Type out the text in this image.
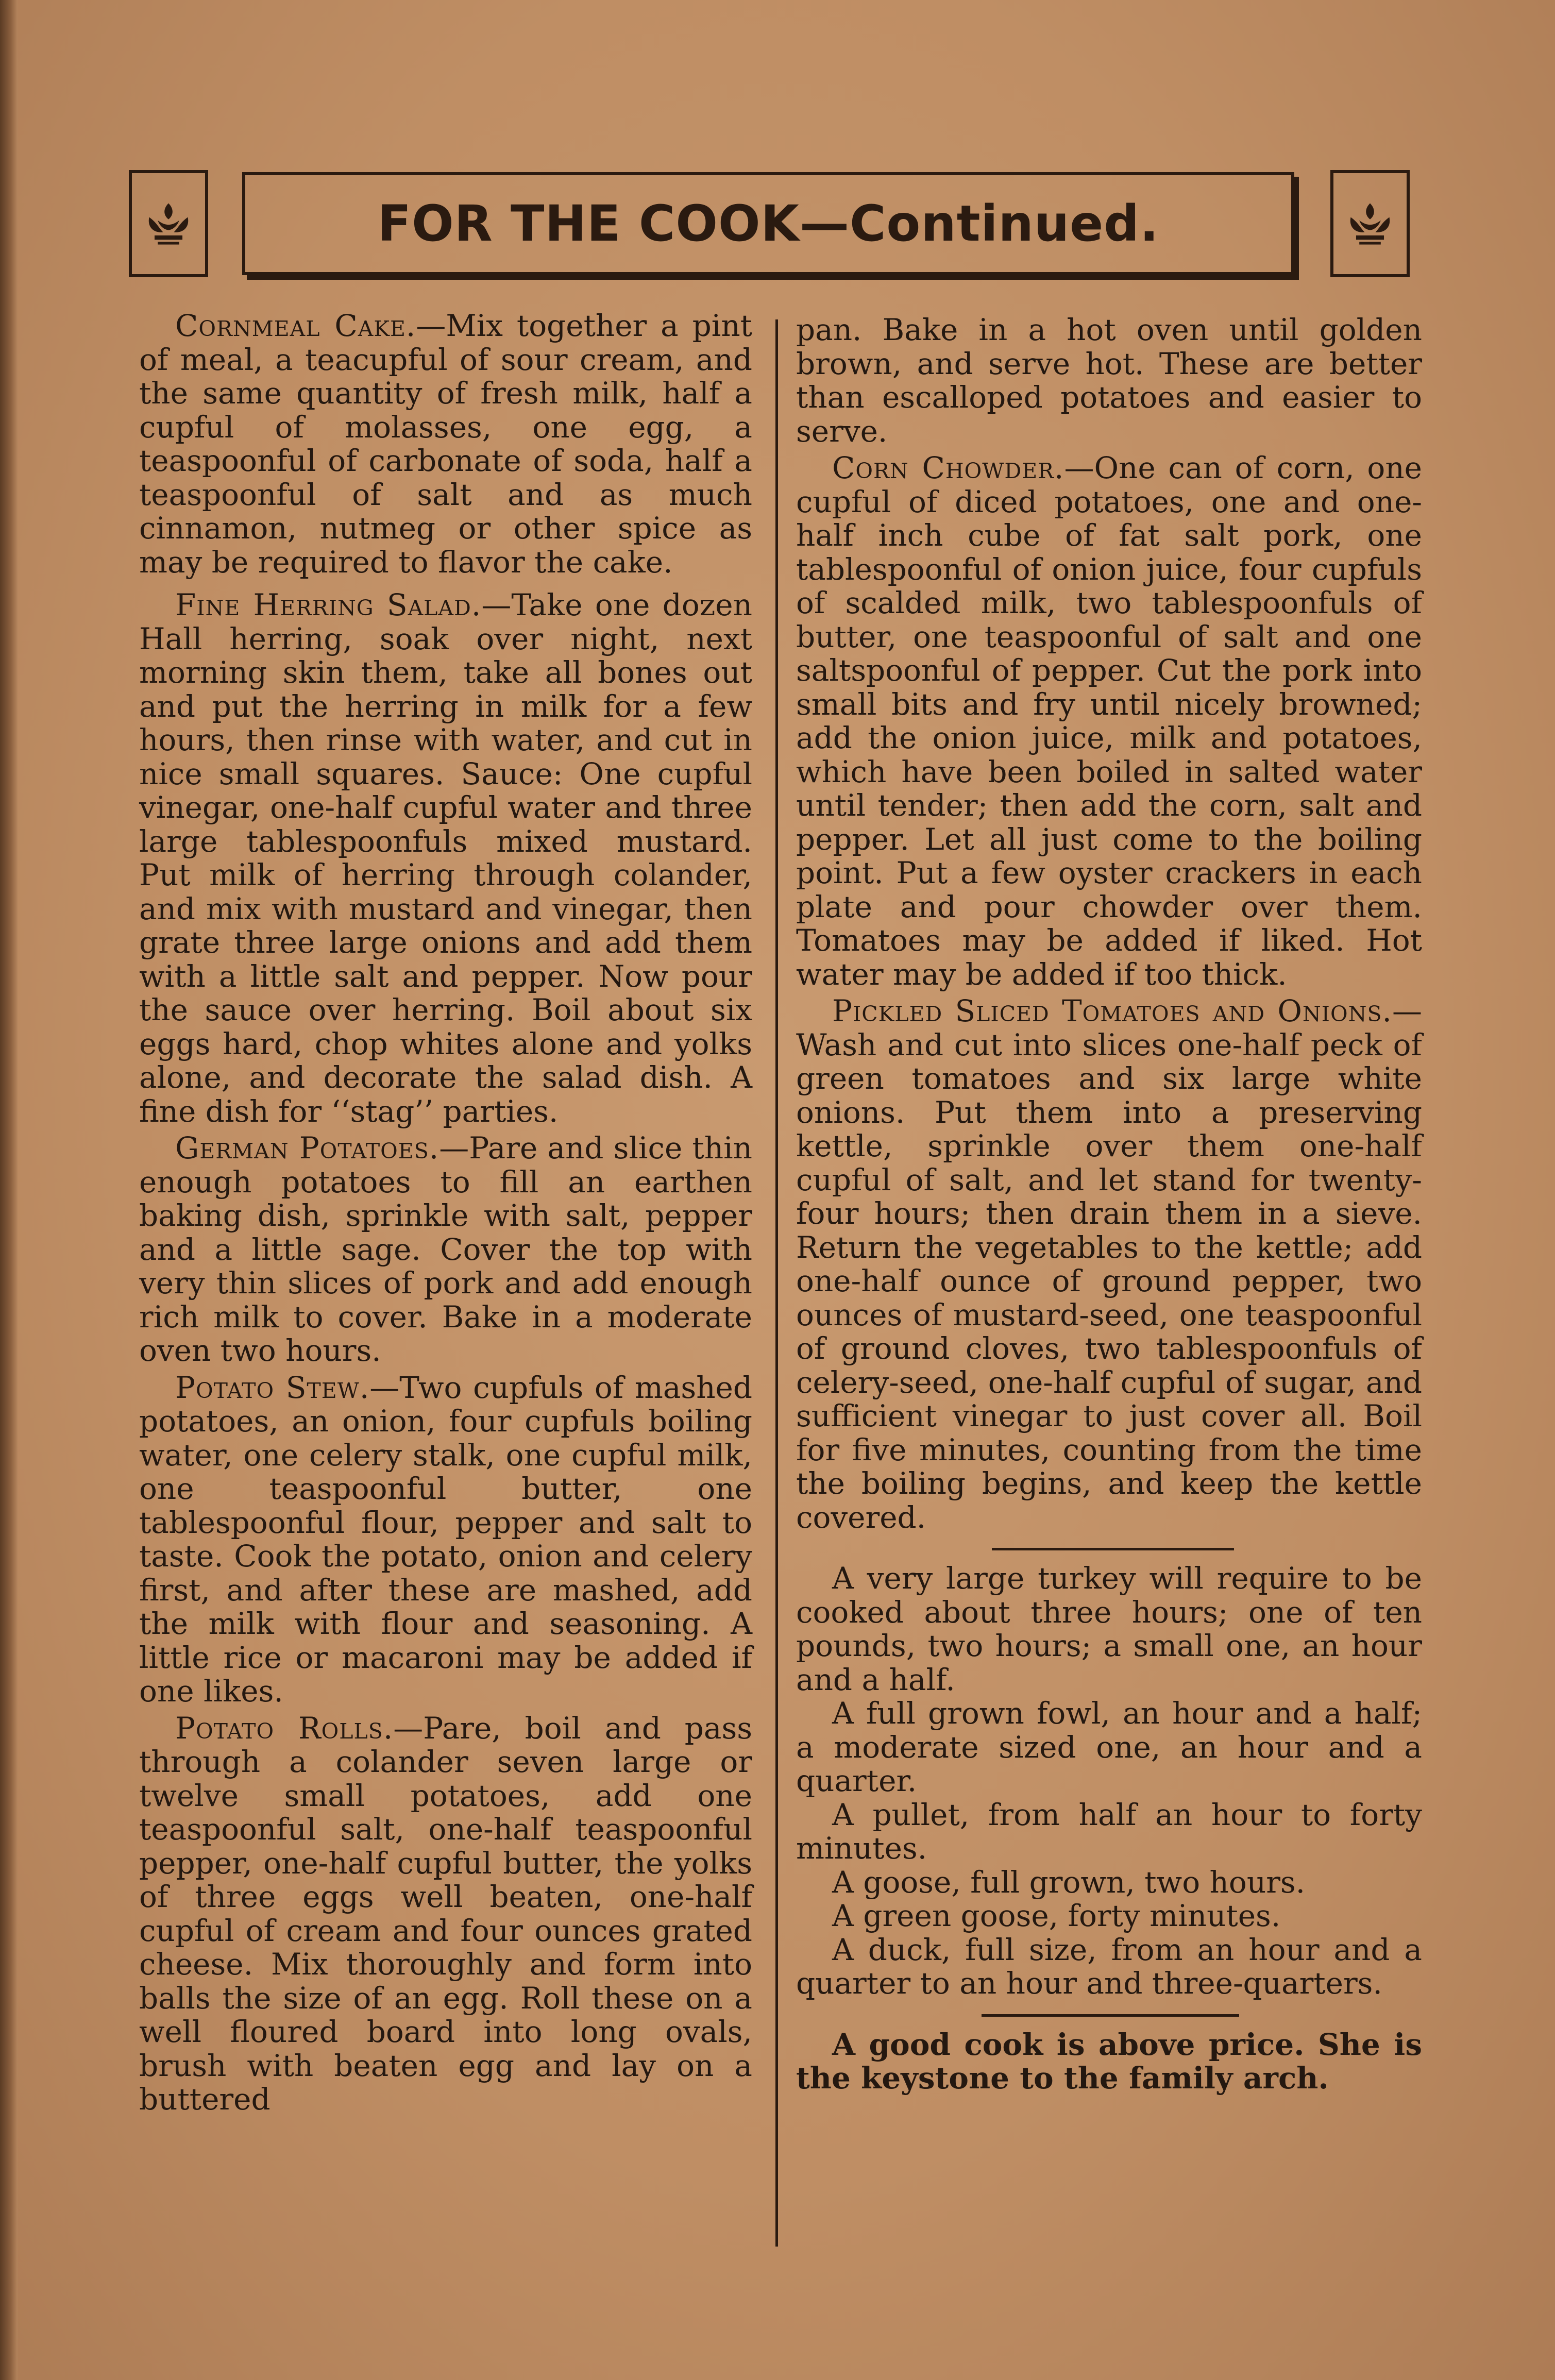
FOR THE COOK—Continued.

Cornmeal Cake.—Mix together a pint of meal, a teacupful of sour cream, and the same quantity of fresh milk, half a cupful of molasses, one egg, a teaspoonful of carbonate of soda, half a teaspoonful of salt and as much cinnamon, nutmeg or other spice as may be required to flavor the cake.

Fine Herring Salad.—Take one dozen Hall herring, soak over night, next morning skin them, take all bones out and put the herring in milk for a few hours, then rinse with water, and cut in nice small squares. Sauce: One cupful vinegar, one-half cupful water and three large tablespoonfuls mixed mustard. Put milk of herring through colander, and mix with mustard and vinegar, then grate three large onions and add them with a little salt and pepper. Now pour the sauce over herring. Boil about six eggs hard, chop whites alone and yolks alone, and decorate the salad dish. A fine dish for ‘‘stag’’ parties.

German Potatoes.—Pare and slice thin enough potatoes to fill an earthen baking dish, sprinkle with salt, pepper and a little sage. Cover the top with very thin slices of pork and add enough rich milk to cover. Bake in a moderate oven two hours.

Potato Stew.—Two cupfuls of mashed potatoes, an onion, four cupfuls boiling water, one celery stalk, one cupful milk, one teaspoonful butter, one tablespoonful flour, pepper and salt to taste. Cook the potato, onion and celery first, and after these are mashed, add the milk with flour and seasoning. A little rice or macaroni may be added if one likes.

Potato Rolls.—Pare, boil and pass through a colander seven large or twelve small potatoes, add one teaspoonful salt, one-half teaspoonful pepper, one-half cupful butter, the yolks of three eggs well beaten, one-half cupful of cream and four ounces grated cheese. Mix thoroughly and form into balls the size of an egg. Roll these on a well floured board into long ovals, brush with beaten egg and lay on a buttered

pan. Bake in a hot oven until golden brown, and serve hot. These are better than escalloped potatoes and easier to serve.

Corn Chowder.—One can of corn, one cupful of diced potatoes, one and one-half inch cube of fat salt pork, one tablespoonful of onion juice, four cupfuls of scalded milk, two tablespoonfuls of butter, one teaspoonful of salt and one saltspoonful of pepper. Cut the pork into small bits and fry until nicely browned; add the onion juice, milk and potatoes, which have been boiled in salted water until tender; then add the corn, salt and pepper. Let all just come to the boiling point. Put a few oyster crackers in each plate and pour chowder over them. Tomatoes may be added if liked. Hot water may be added if too thick.

Pickled Sliced Tomatoes and Onions.—Wash and cut into slices one-half peck of green tomatoes and six large white onions. Put them into a preserving kettle, sprinkle over them one-half cupful of salt, and let stand for twenty-four hours; then drain them in a sieve. Return the vegetables to the kettle; add one-half ounce of ground pepper, two ounces of mustard-seed, one teaspoonful of ground cloves, two tablespoonfuls of celery-seed, one-half cupful of sugar, and sufficient vinegar to just cover all. Boil for five minutes, counting from the time the boiling begins, and keep the kettle covered.

A very large turkey will require to be cooked about three hours; one of ten pounds, two hours; a small one, an hour and a half.

A full grown fowl, an hour and a half; a moderate sized one, an hour and a quarter.

A pullet, from half an hour to forty minutes.

A goose, full grown, two hours.

A green goose, forty minutes.

A duck, full size, from an hour and a quarter to an hour and three-quarters.

A good cook is above price. She is the keystone to the family arch.
